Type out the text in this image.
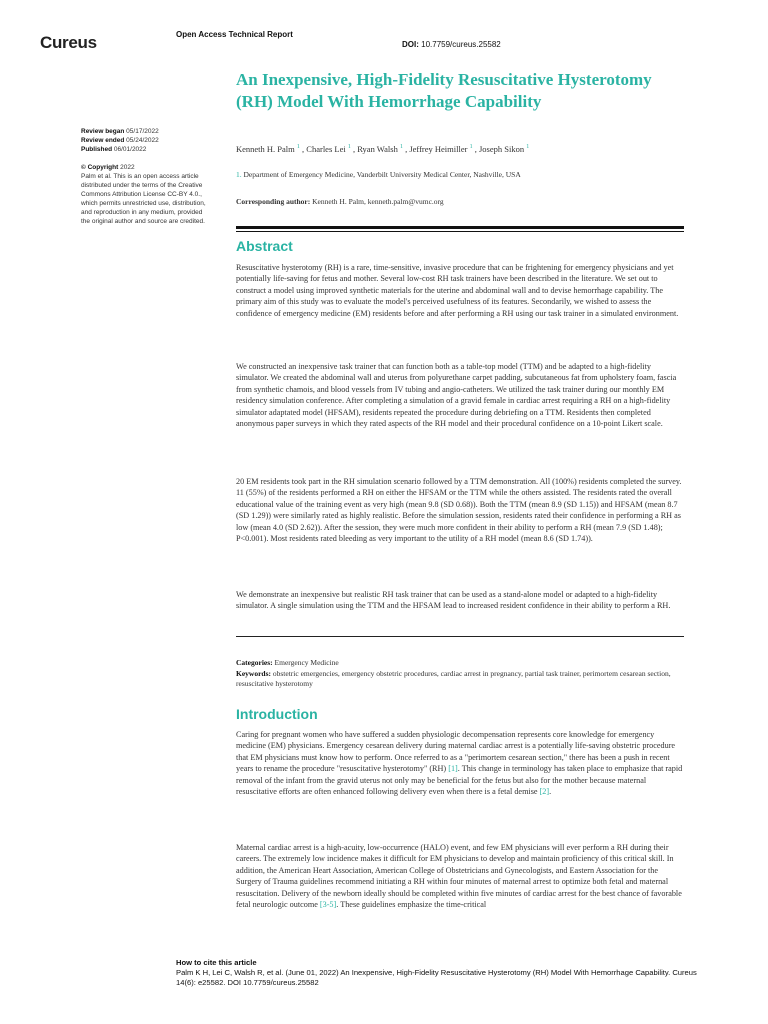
Cureus	Open Access Technical Report
DOI: 10.7759/cureus.25582
An Inexpensive, High-Fidelity Resuscitative Hysterotomy (RH) Model With Hemorrhage Capability
Kenneth H. Palm $^1$ , Charles Lei $^1$ , Ryan Walsh $^1$ , Jeffrey Heimiller $^1$ , Joseph Sikon $^1$
1. Department of Emergency Medicine, Vanderbilt University Medical Center, Nashville, USA
Corresponding author: Kenneth H. Palm, kenneth.palm@vumc.org
Review began 05/17/2022
Review ended 05/24/2022
Published 06/01/2022
© Copyright 2022
Palm et al. This is an open access article
distributed under the terms of the Creative
Commons Attribution License CC-BY 4.0.,
which permits unrestricted use, distribution,
and reproduction in any medium, provided
the original author and source are credited.
Abstract

Resuscitative hysterotomy (RH) is a rare, time-sensitive, invasive procedure that can be frightening for emergency physicians and yet potentially life-saving for fetus and mother. Several low-cost RH task trainers have been described in the literature. We set out to construct a model using improved synthetic materials for the uterine and abdominal wall and to devise hemorrhage capability. The primary aim of this study was to evaluate the model's perceived usefulness of its features. Secondarily, we wished to assess the confidence of emergency medicine (EM) residents before and after performing a RH using our task trainer in a simulated environment.

We constructed an inexpensive task trainer that can function both as a table-top model (TTM) and be adapted to a high-fidelity simulator. We created the abdominal wall and uterus from polyurethane carpet padding, subcutaneous fat from upholstery foam, fascia from synthetic chamois, and blood vessels from IV tubing and angio-catheters. We utilized the task trainer during our monthly EM residency simulation conference. After completing a simulation of a gravid female in cardiac arrest requiring a RH on a high-fidelity simulator adaptated model (HFSAM), residents repeated the procedure during debriefing on a TTM. Residents then completed anonymous paper surveys in which they rated aspects of the RH model and their procedural confidence on a 10-point Likert scale.

20 EM residents took part in the RH simulation scenario followed by a TTM demonstration. All (100%) residents completed the survey. 11 (55%) of the residents performed a RH on either the HFSAM or the TTM while the others assisted. The residents rated the overall educational value of the training event as very high (mean 9.8 (SD 0.68)). Both the TTM (mean 8.9 (SD 1.15)) and HFSAM (mean 8.7 (SD 1.29)) were similarly rated as highly realistic. Before the simulation session, residents rated their confidence in performing a RH as low (mean 4.0 (SD 2.62)). After the session, they were much more confident in their ability to perform a RH (mean 7.9 (SD 1.48); P<0.001). Most residents rated bleeding as very important to the utility of a RH model (mean 8.6 (SD 1.74)).

We demonstrate an inexpensive but realistic RH task trainer that can be used as a stand-alone model or adapted to a high-fidelity simulator. A single simulation using the TTM and the HFSAM lead to increased resident confidence in their ability to perform a RH.

Categories: Emergency Medicine
Keywords: obstetric emergencies, emergency obstetric procedures, cardiac arrest in pregnancy, partial task trainer, perimortem cesarean section, resuscitative hysterotomy
Introduction

Caring for pregnant women who have suffered a sudden physiologic decompensation represents core knowledge for emergency medicine (EM) physicians. Emergency cesarean delivery during maternal cardiac arrest is a potentially life-saving obstetric procedure that EM physicians must know how to perform. Once referred to as a "perimortem cesarean section," there has been a push in recent years to rename the procedure "resuscitative hysterotomy" (RH) [1]. This change in terminology has taken place to emphasize that rapid removal of the infant from the gravid uterus not only may be beneficial for the fetus but also for the mother because maternal resuscitative efforts are often enhanced following delivery even when there is a fetal demise [2].

Maternal cardiac arrest is a high-acuity, low-occurrence (HALO) event, and few EM physicians will ever perform a RH during their careers. The extremely low incidence makes it difficult for EM physicians to develop and maintain proficiency of this critical skill. In addition, the American Heart Association, American College of Obstetricians and Gynecologists, and Eastern Association for the Surgery of Trauma guidelines recommend initiating a RH within four minutes of maternal arrest to optimize both fetal and maternal resuscitation. Delivery of the newborn ideally should be completed within five minutes of cardiac arrest for the best chance of favorable fetal neurologic outcome [3-5]. These guidelines emphasize the time-critical

How to cite this article
Palm K H, Lei C, Walsh R, et al. (June 01, 2022) An Inexpensive, High-Fidelity Resuscitative Hysterotomy (RH) Model With Hemorrhage Capability. Cureus 14(6): e25582. DOI 10.7759/cureus.25582
